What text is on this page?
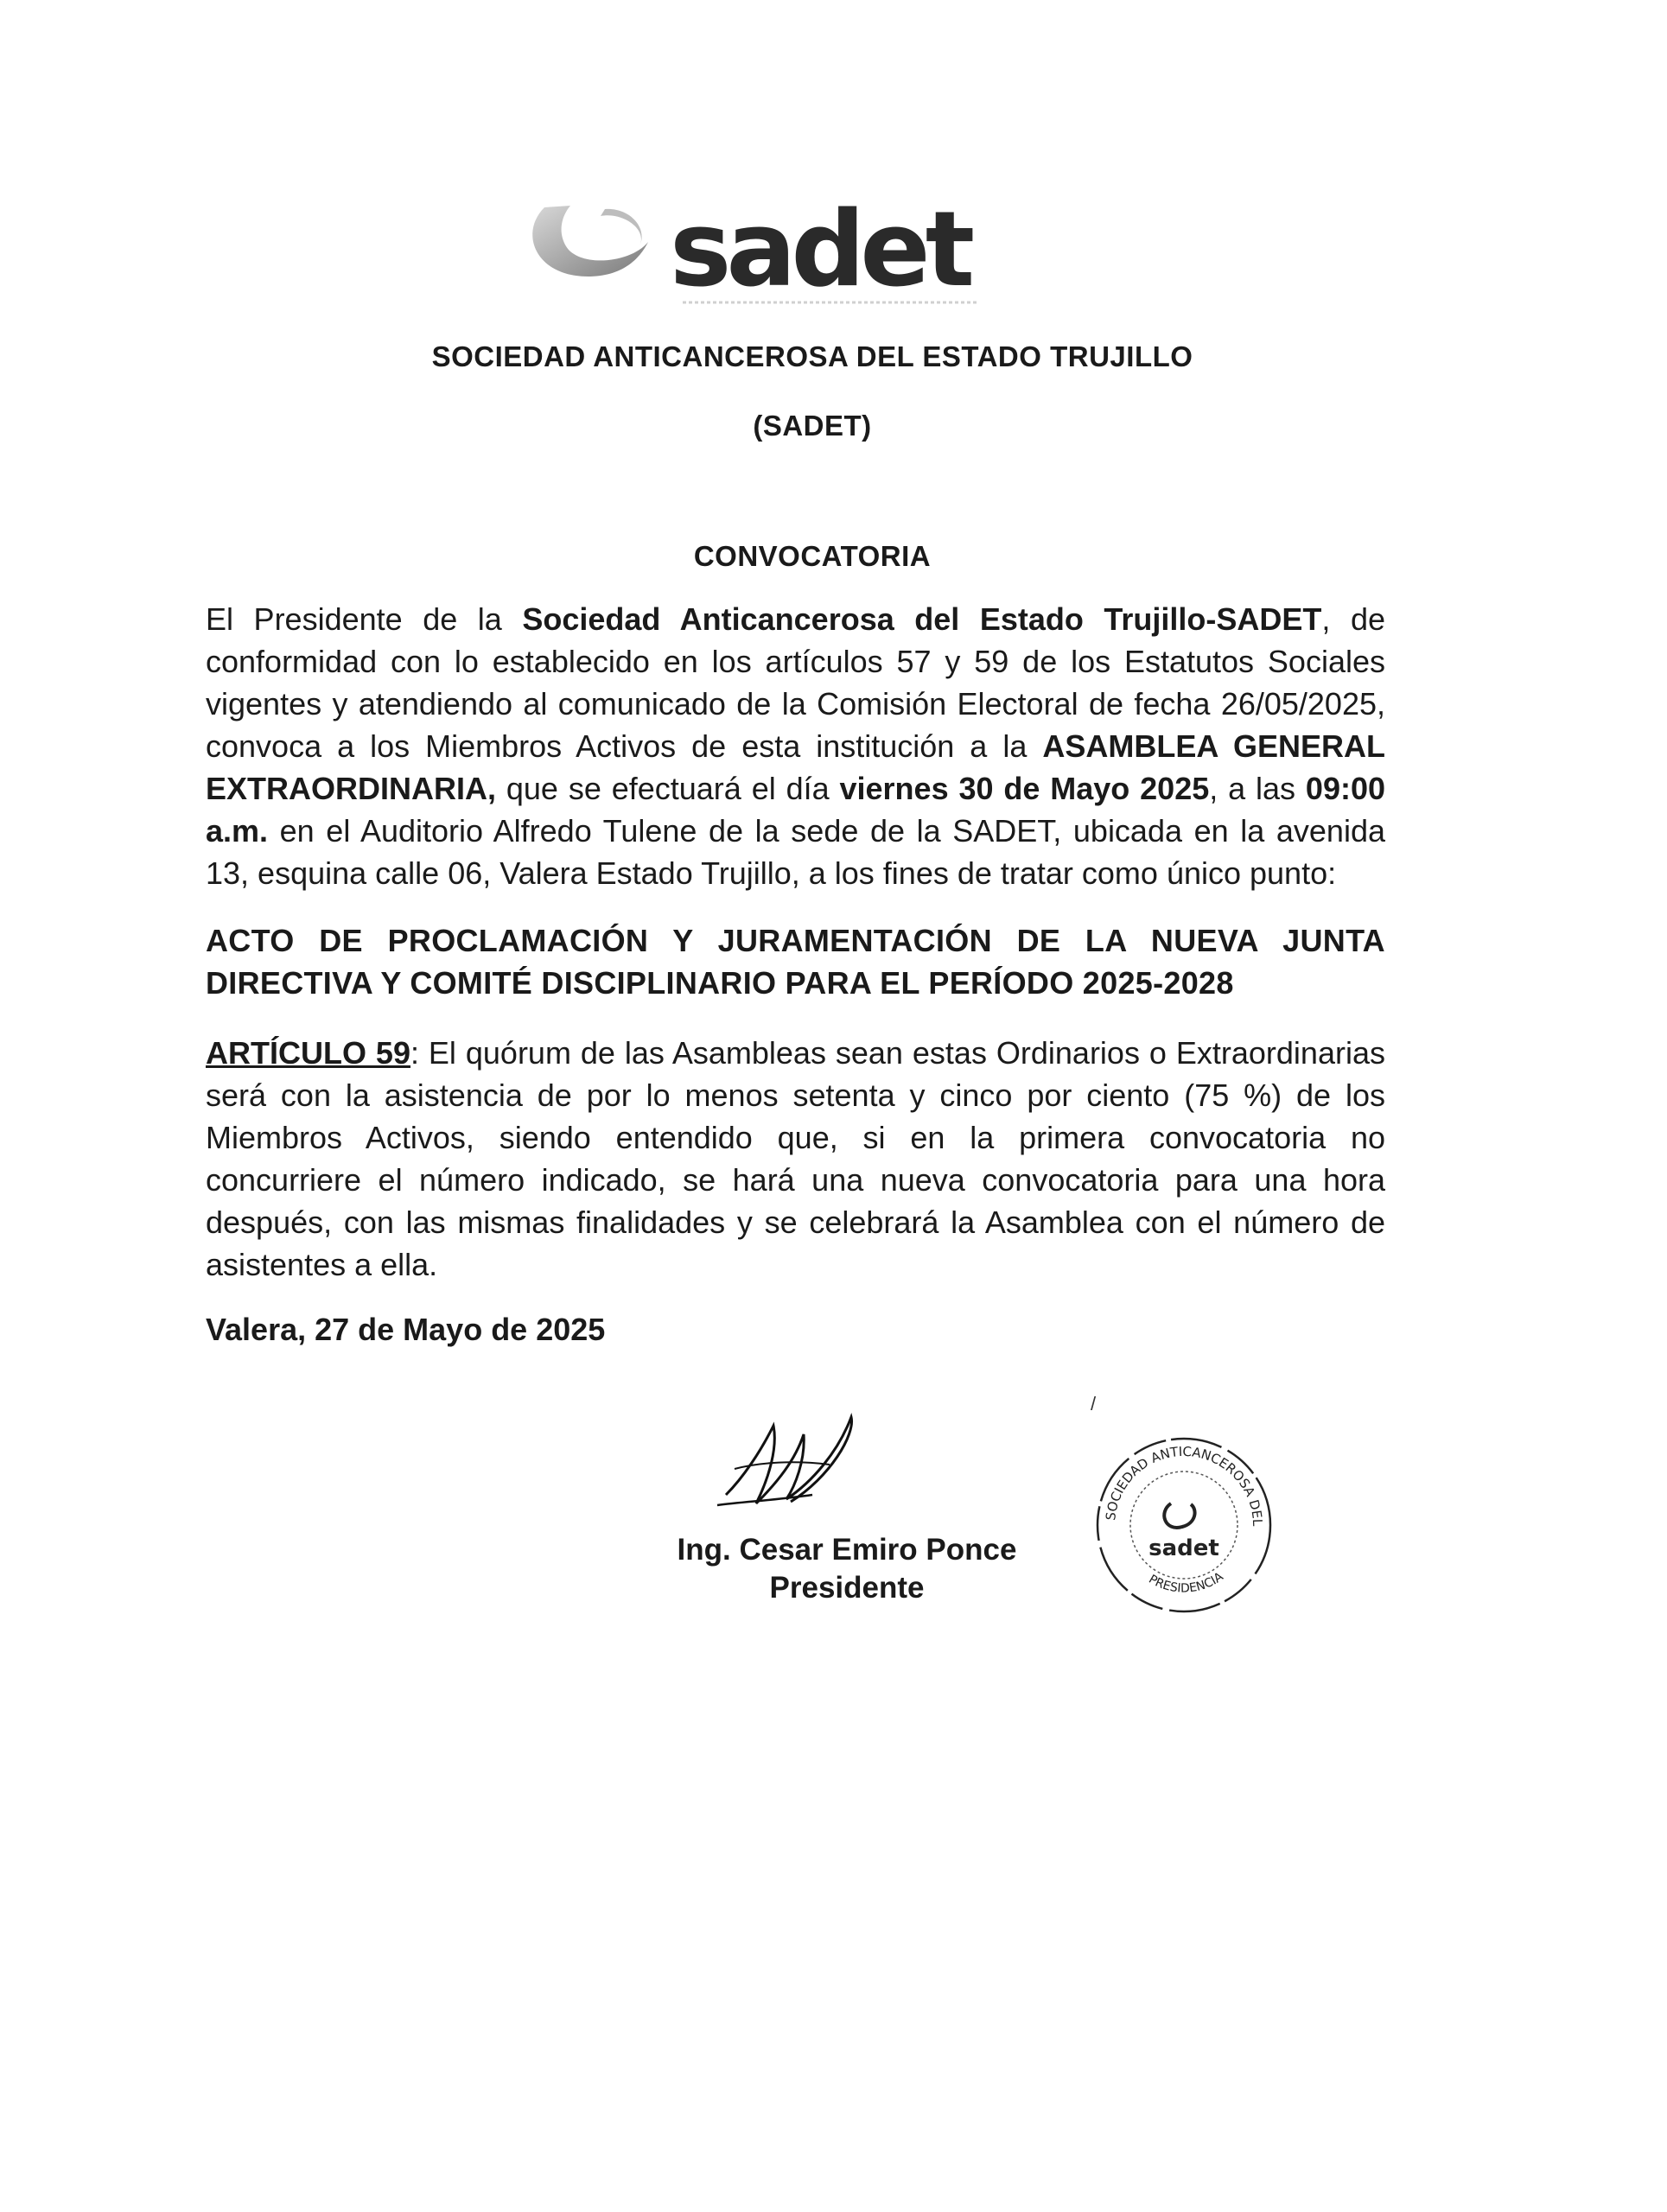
sadet
SOCIEDAD ANTICANCEROSA DEL ESTADO TRUJILLO
(SADET)
CONVOCATORIA
El Presidente de la Sociedad Anticancerosa del Estado Trujillo-SADET, de conformidad con lo establecido en los artículos 57 y 59 de los Estatutos Sociales vigentes y atendiendo al comunicado de la Comisión Electoral de fecha 26/05/2025, convoca a los Miembros Activos de esta institución a la ASAMBLEA GENERAL EXTRAORDINARIA, que se efectuará el día viernes 30 de Mayo 2025, a las 09:00 a.m. en el Auditorio Alfredo Tulene de la sede de la SADET, ubicada en la avenida 13, esquina calle 06, Valera Estado Trujillo, a los fines de tratar como único punto:
ACTO DE PROCLAMACIÓN Y JURAMENTACIÓN DE LA NUEVA JUNTA DIRECTIVA Y COMITÉ DISCIPLINARIO PARA EL PERÍODO 2025-2028
ARTÍCULO 59: El quórum de las Asambleas sean estas Ordinarios o Extraordinarias será con la asistencia de por lo menos setenta y cinco por ciento (75 %) de los Miembros Activos, siendo entendido que, si en la primera convocatoria no concurriere el número indicado, se hará una nueva convocatoria para una hora después, con las mismas finalidades y se celebrará la Asamblea con el número de asistentes a ella.
Valera, 27 de Mayo de 2025
/
Ing. Cesar Emiro Ponce
Presidente
SOCIEDAD ANTICANCEROSA DEL
sadet
PRESIDENCIA
